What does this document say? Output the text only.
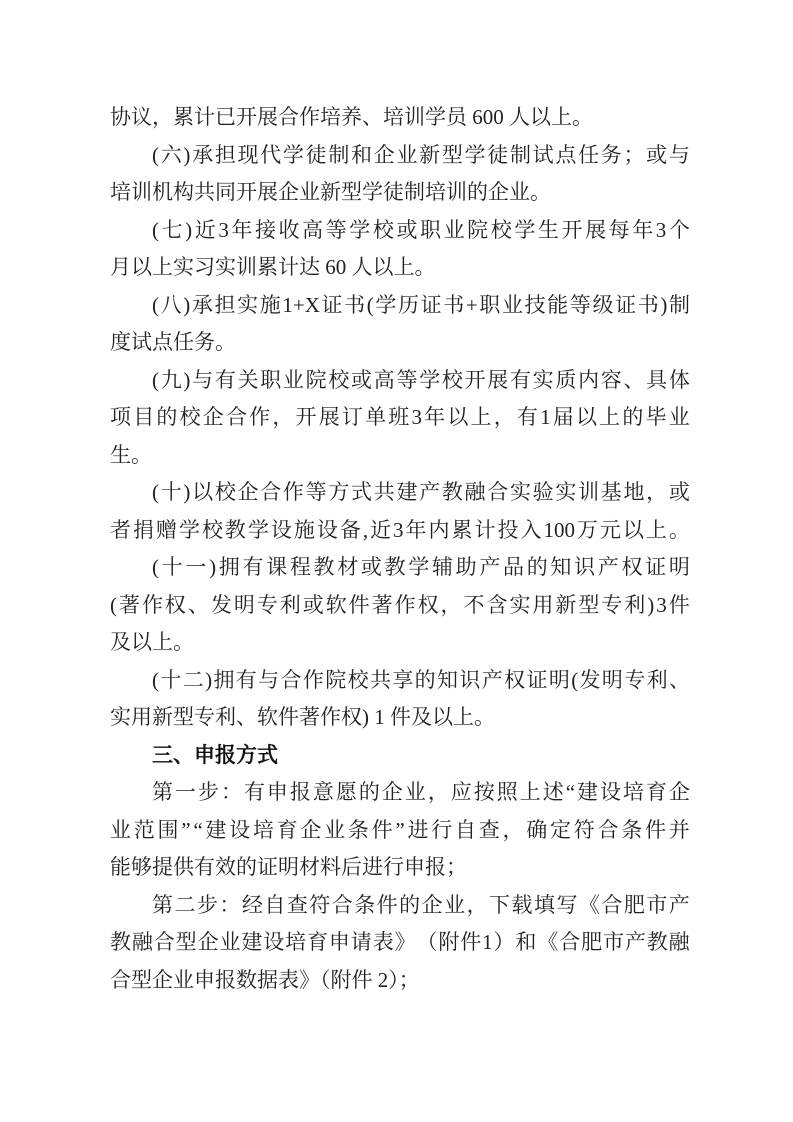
协议，累计已开展合作培养、培训学员 600 人以上。
( 六 ) 承 担 现 代 学 徒 制 和 企 业 新 型 学 徒 制 试 点 任 务 ； 或 与
培训机构共同开展企业新型学徒制培训的企业。
( 七 ) 近 3 年 接 收 高 等 学 校 或 职 业 院 校 学 生 开 展 每 年 3 个
月以上实习实训累计达 60 人以上。
( 八 ) 承 担 实 施 1+X 证 书 ( 学 历 证 书 + 职 业 技 能 等 级 证 书 ) 制
度试点任务。
( 九 ) 与 有 关 职 业 院 校 或 高 等 学 校 开 展 有 实 质 内 容 、 具 体
项 目 的 校 企 合 作 ， 开 展 订 单 班 3 年 以 上 ， 有 1 届 以 上 的 毕 业
生。
( 十 ) 以 校 企 合 作 等 方 式 共 建 产 教 融 合 实 验 实 训 基 地 ， 或
者 捐 赠 学 校 教 学 设 施 设 备 , 近 3 年 内 累 计 投 入 100 万 元 以 上 。
( 十 一 ) 拥 有 课 程 教 材 或 教 学 辅 助 产 品 的 知 识 产 权 证 明
( 著 作 权 、 发 明 专 利 或 软 件 著 作 权 ， 不 含 实 用 新 型 专 利 ) 3 件
及以上。
( 十 二 ) 拥 有 与 合 作 院 校 共 享 的 知 识 产 权 证 明 ( 发 明 专 利 、
实用新型专利、软件著作权) 1 件及以上。
三、申报方式
第 一 步 ： 有 申 报 意 愿 的 企 业 ， 应 按 照 上 述 “ 建 设 培 育 企
业 范 围 ” “ 建 设 培 育 企 业 条 件 ” 进 行 自 查 ， 确 定 符 合 条 件 并
能够提供有效的证明材料后进行申报；
第 二 步 ： 经 自 查 符 合 条 件 的 企 业 ， 下 载 填 写 《 合 肥 市 产
教 融 合 型 企 业 建 设 培 育 申 请 表 》 （ 附 件 1 ） 和 《 合 肥 市 产 教 融
合型企业申报数据表》（附件 2）；
